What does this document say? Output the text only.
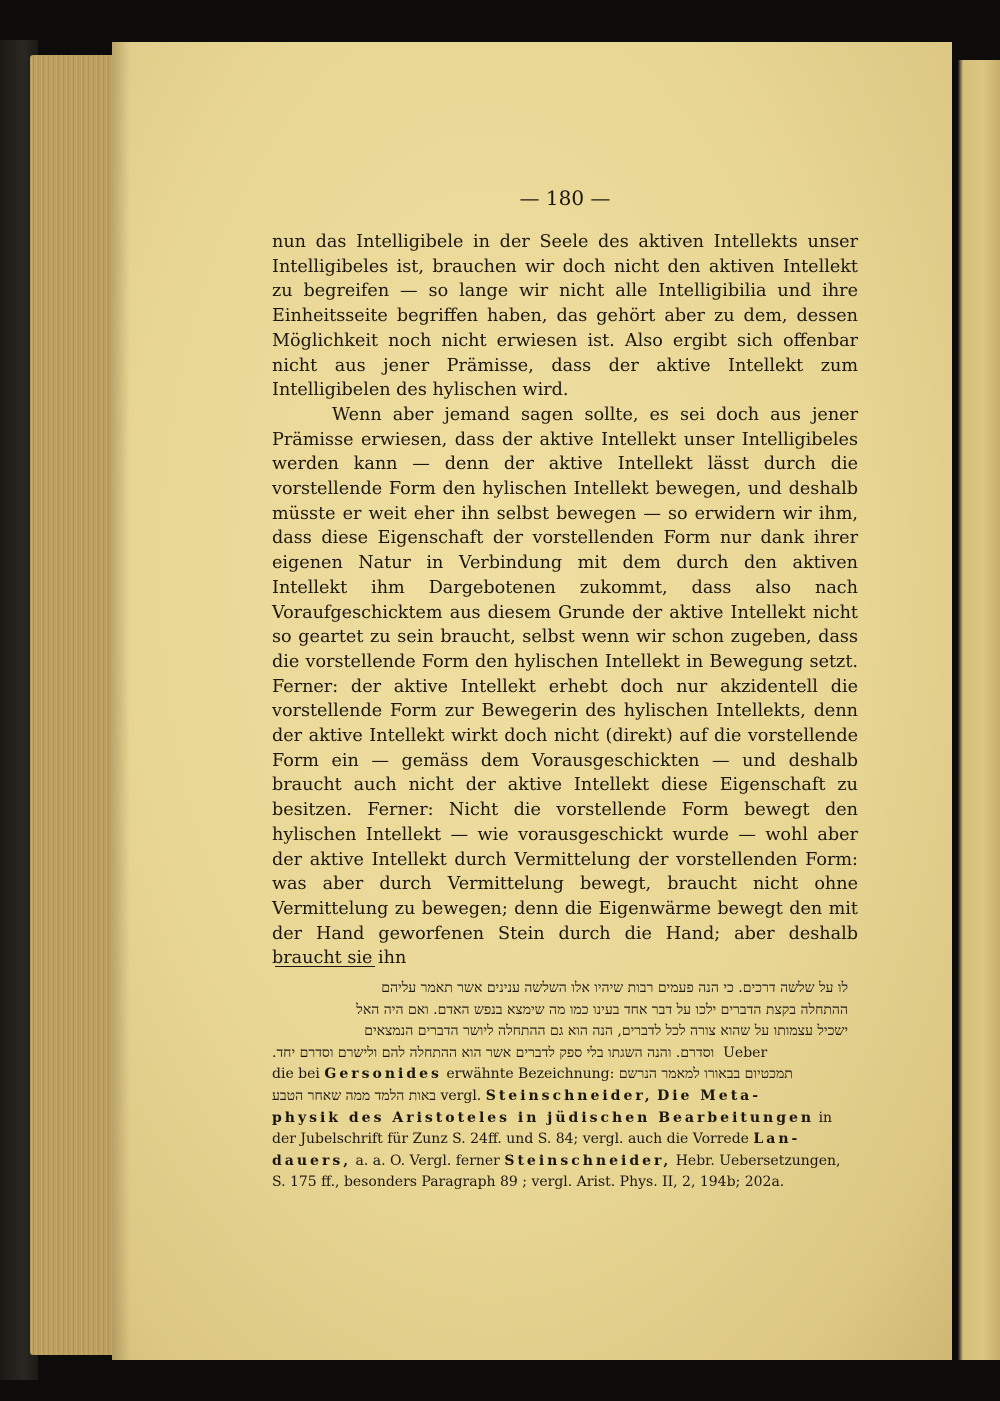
— 180 —

nun das Intelligibele in der Seele des aktiven Intellekts unser Intelligibeles ist, brauchen wir doch nicht den aktiven Intellekt zu begreifen — so lange wir nicht alle Intelligibilia und ihre Einheitsseite begriffen haben, das gehört aber zu dem, dessen Möglichkeit noch nicht erwiesen ist. Also ergibt sich offenbar nicht aus jener Prämisse, dass der aktive Intellekt zum Intelligibelen des hylischen wird.

Wenn aber jemand sagen sollte, es sei doch aus jener Prämisse erwiesen, dass der aktive Intellekt unser Intelligibeles werden kann — denn der aktive Intellekt lässt durch die vorstellende Form den hylischen Intellekt bewegen, und deshalb müsste er weit eher ihn selbst bewegen — so erwidern wir ihm, dass diese Eigenschaft der vorstellenden Form nur dank ihrer eigenen Natur in Verbindung mit dem durch den aktiven Intellekt ihm Dargebotenen zukommt, dass also nach Voraufgeschicktem aus diesem Grunde der aktive Intellekt nicht so geartet zu sein braucht, selbst wenn wir schon zugeben, dass die vorstellende Form den hylischen Intellekt in Bewegung setzt. Ferner: der aktive Intellekt erhebt doch nur akzidentell die vorstellende Form zur Bewegerin des hylischen Intellekts, denn der aktive Intellekt wirkt doch nicht (direkt) auf die vorstellende Form ein — gemäss dem Vorausgeschickten — und deshalb braucht auch nicht der aktive Intellekt diese Eigenschaft zu besitzen. Ferner: Nicht die vorstellende Form bewegt den hylischen Intellekt — wie vorausgeschickt wurde — wohl aber der aktive Intellekt durch Vermittelung der vorstellenden Form: was aber durch Vermittelung bewegt, braucht nicht ohne Vermittelung zu bewegen; denn die Eigenwärme bewegt den mit der Hand geworfenen Stein durch die Hand; aber deshalb braucht sie ihn

לו על שלשה דרכים. כי הנה פעמים רבות שיהיו אלו השלשה ענינים אשר תאמר עליהם
ההתחלה בקצת הדברים ילכו על דבר אחד בעינו כמו מה שימצא בנפש האדם. ואם היה האל
ישכיל עצמותו על שהוא צורה לכל לדברים, הנה הוא גם ההתחלה ליושר הדברים הנמצאים
וסדרם. והנה השגתו בלי ספק לדברים אשר הוא ההתחלה להם ולישרם וסדרם יחד. Ueber
die bei Gersonides erwähnte Bezeichnung: תמכטיום בבאורו למאמר הנרשם
באות הלמד ממה שאחר הטבע vergl. Steinschneider, Die Meta-
physik des Aristoteles in jüdischen Bearbeitungen in
der Jubelschrift für Zunz S. 24ff. und S. 84; vergl. auch die Vorrede Lan-
dauers, a. a. O. Vergl. ferner Steinschneider, Hebr. Uebersetzungen,
S. 175 ff., besonders Paragraph 89 ; vergl. Arist. Phys. II, 2, 194b; 202a.
